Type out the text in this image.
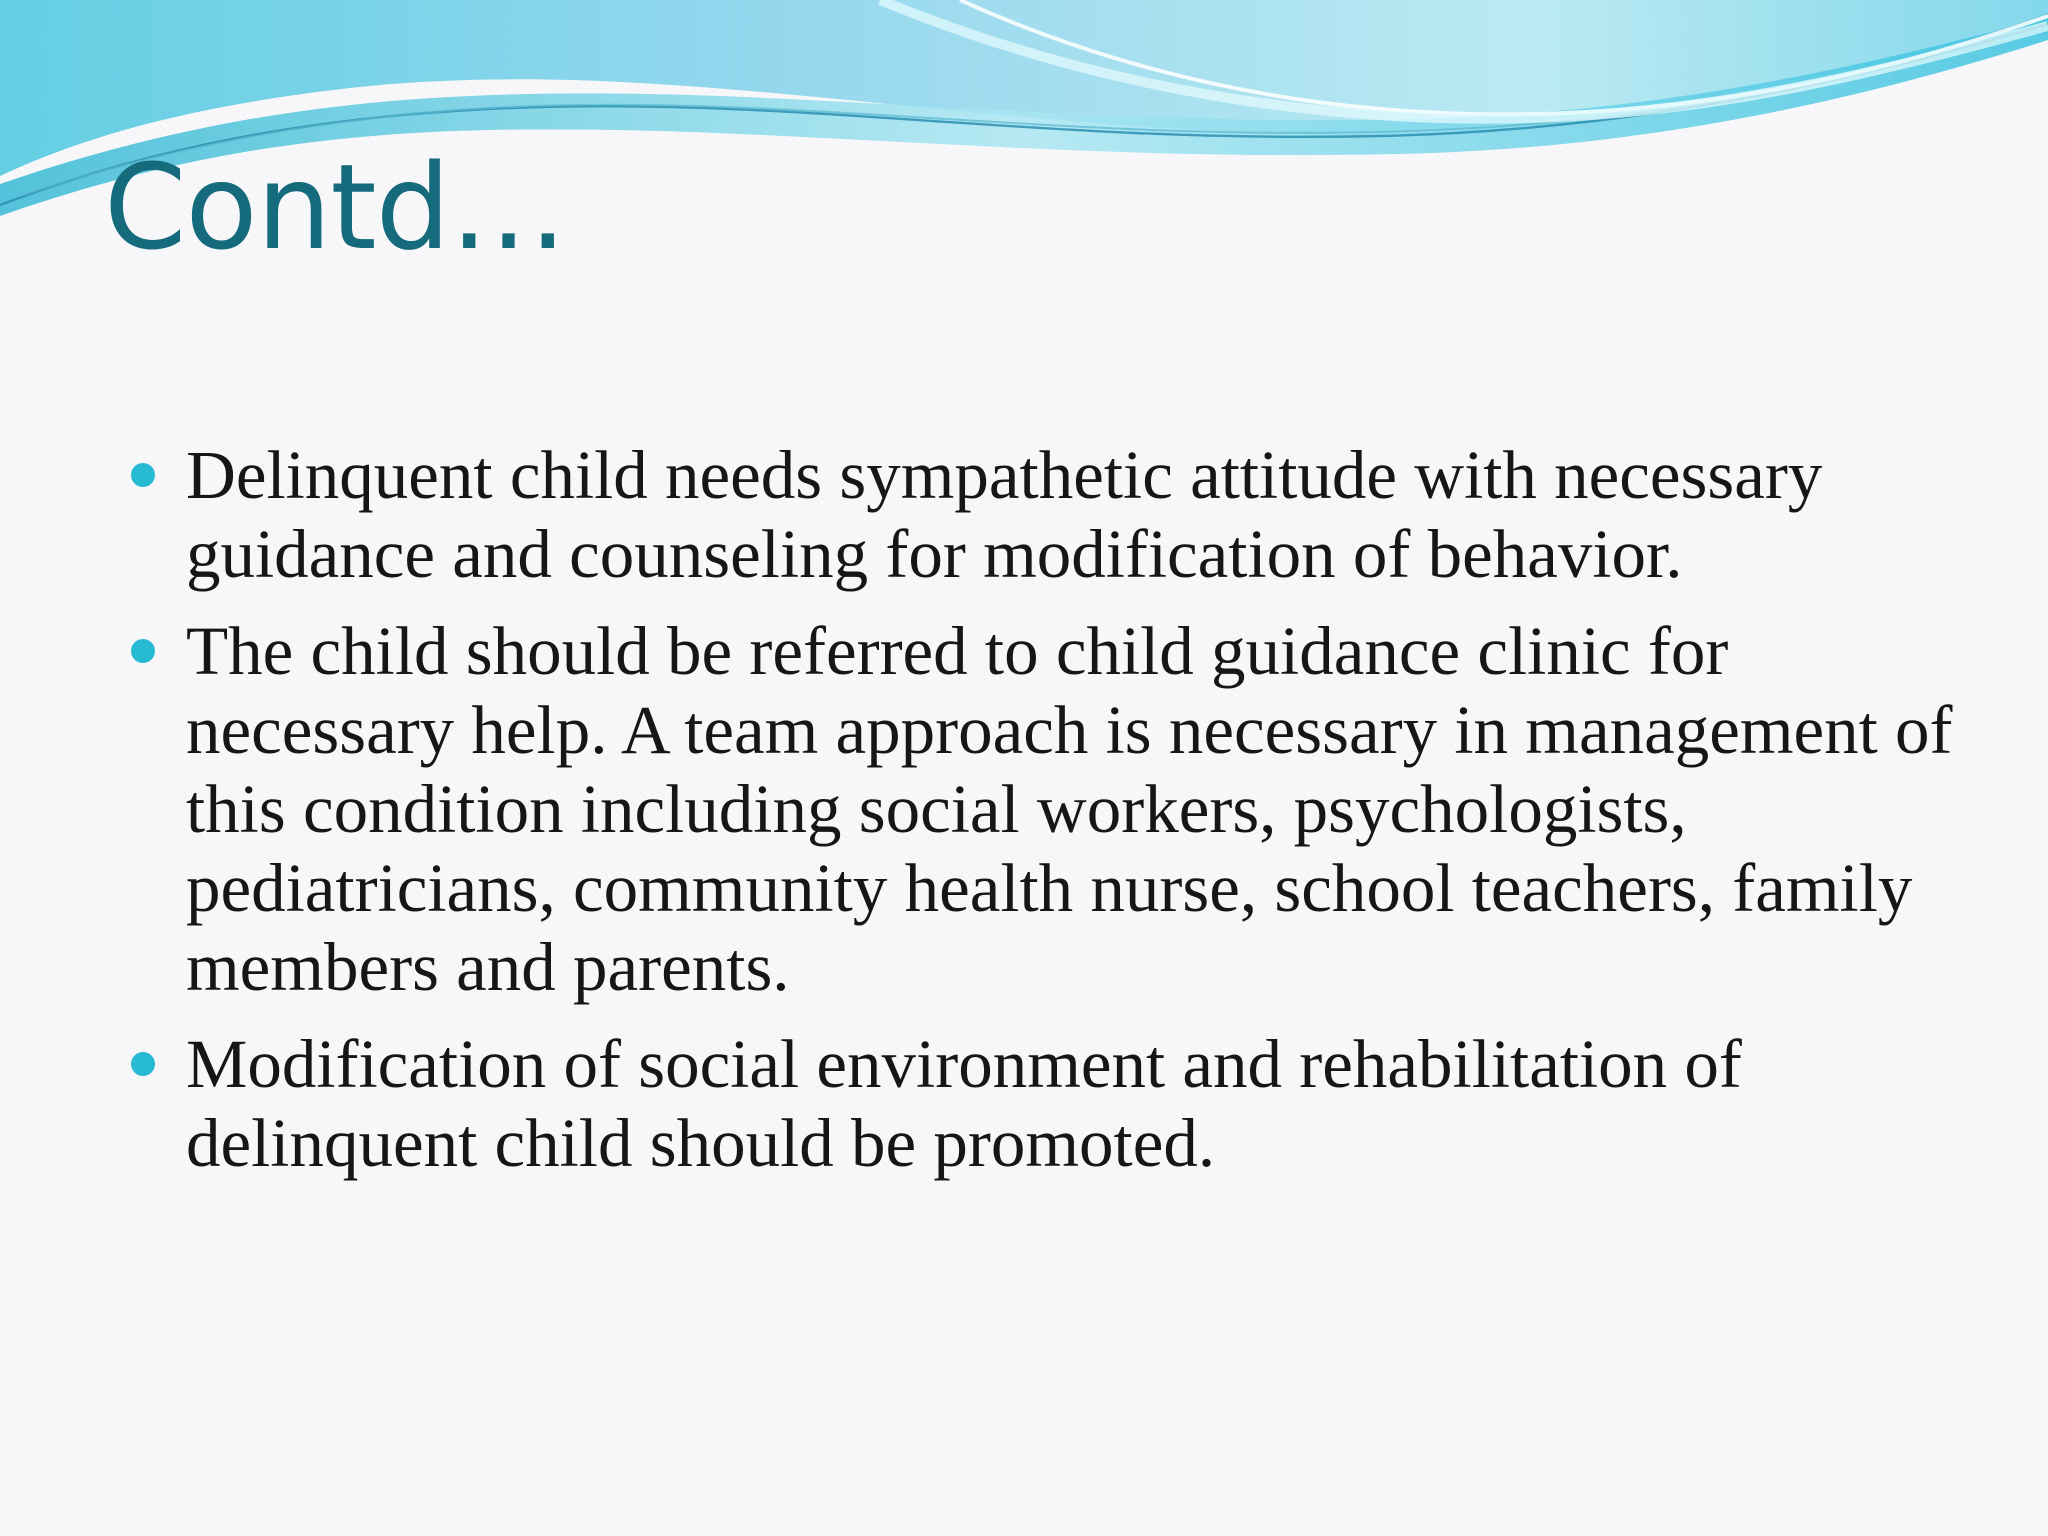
Contd…
Delinquent child needs sympathetic attitude with necessary guidance and counseling for modification of behavior.
The child should be referred to child guidance clinic for necessary help. A team approach is necessary in management of this condition including social workers, psychologists, pediatricians, community health nurse, school teachers, family members and parents.
Modification of social environment and rehabilitation of delinquent child should be promoted.
